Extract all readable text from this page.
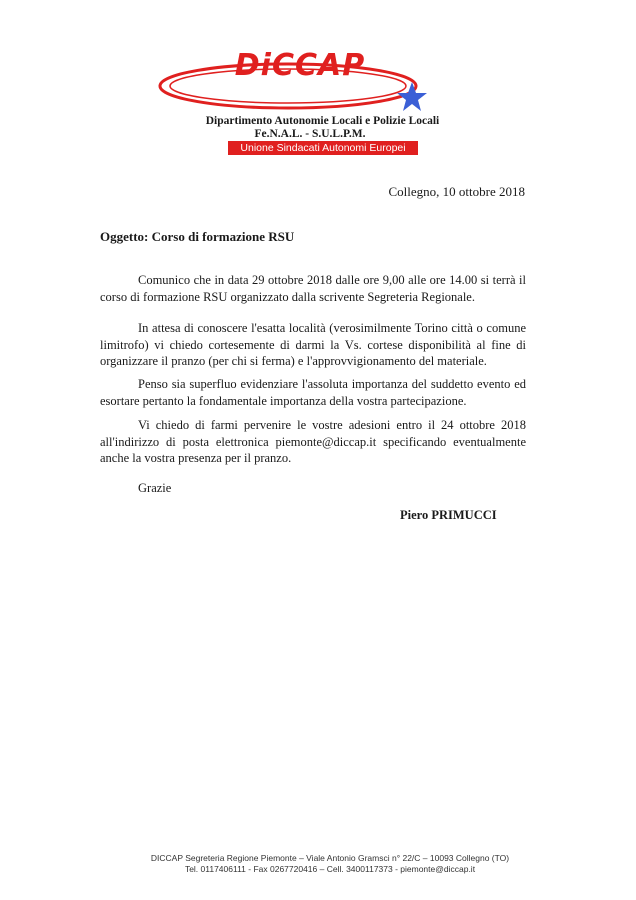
DiCCAP
Dipartimento Autonomie Locali e Polizie Locali
Fe.N.A.L. - S.U.L.P.M.
Unione Sindacati Autonomi Europei
Collegno, 10 ottobre 2018
Oggetto: Corso di formazione RSU

Comunico che in data 29 ottobre 2018 dalle ore 9,00 alle ore 14.00 si terrà il corso di formazione RSU organizzato dalla scrivente Segreteria Regionale.

In attesa di conoscere l'esatta località (verosimilmente Torino città o comune limitrofo) vi chiedo cortesemente di darmi la Vs. cortese disponibilità al fine di organizzare il pranzo (per chi si ferma) e l'approvvigionamento del materiale.

Penso sia superfluo evidenziare l'assoluta importanza del suddetto evento ed esortare pertanto la fondamentale importanza della vostra partecipazione.

Vi chiedo di farmi pervenire le vostre adesioni entro il 24 ottobre 2018 all'indirizzo di posta elettronica piemonte@diccap.it specificando eventualmente anche la vostra presenza per il pranzo.

Grazie
Piero PRIMUCCI
DICCAP Segreteria Regione Piemonte – Viale Antonio Gramsci n° 22/C – 10093 Collegno (TO)
Tel. 0117406111 - Fax 0267720416 – Cell. 3400117373 - piemonte@diccap.it
